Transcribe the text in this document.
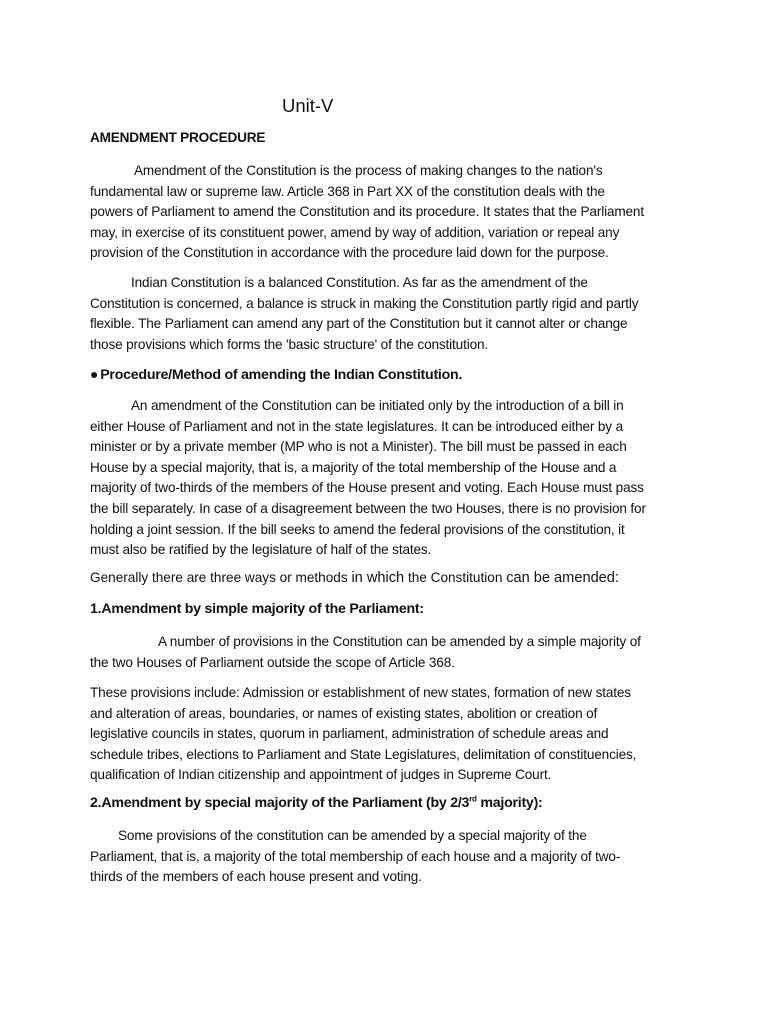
Unit-V
AMENDMENT PROCEDURE

Amendment of the Constitution is the process of making changes to the nation's
fundamental law or supreme law. Article 368 in Part XX of the constitution deals with the
powers of Parliament to amend the Constitution and its procedure. It states that the Parliament
may, in exercise of its constituent power, amend by way of addition, variation or repeal any
provision of the Constitution in accordance with the procedure laid down for the purpose.

Indian Constitution is a balanced Constitution. As far as the amendment of the
Constitution is concerned, a balance is struck in making the Constitution partly rigid and partly
flexible. The Parliament can amend any part of the Constitution but it cannot alter or change
those provisions which forms the 'basic structure' of the constitution.

● Procedure/Method of amending the Indian Constitution.

An amendment of the Constitution can be initiated only by the introduction of a bill in
either House of Parliament and not in the state legislatures. It can be introduced either by a
minister or by a private member (MP who is not a Minister). The bill must be passed in each
House by a special majority, that is, a majority of the total membership of the House and a
majority of two-thirds of the members of the House present and voting. Each House must pass
the bill separately. In case of a disagreement between the two Houses, there is no provision for
holding a joint session. If the bill seeks to amend the federal provisions of the constitution, it
must also be ratified by the legislature of half of the states.

Generally there are three ways or methods in which the Constitution can be amended:

1.Amendment by simple majority of the Parliament:

A number of provisions in the Constitution can be amended by a simple majority of
the two Houses of Parliament outside the scope of Article 368.

These provisions include: Admission or establishment of new states, formation of new states
and alteration of areas, boundaries, or names of existing states, abolition or creation of
legislative councils in states, quorum in parliament, administration of schedule areas and
schedule tribes, elections to Parliament and State Legislatures, delimitation of constituencies,
qualification of Indian citizenship and appointment of judges in Supreme Court.

2.Amendment by special majority of the Parliament (by 2/3rd majority):

Some provisions of the constitution can be amended by a special majority of the
Parliament, that is, a majority of the total membership of each house and a majority of two-
thirds of the members of each house present and voting.
